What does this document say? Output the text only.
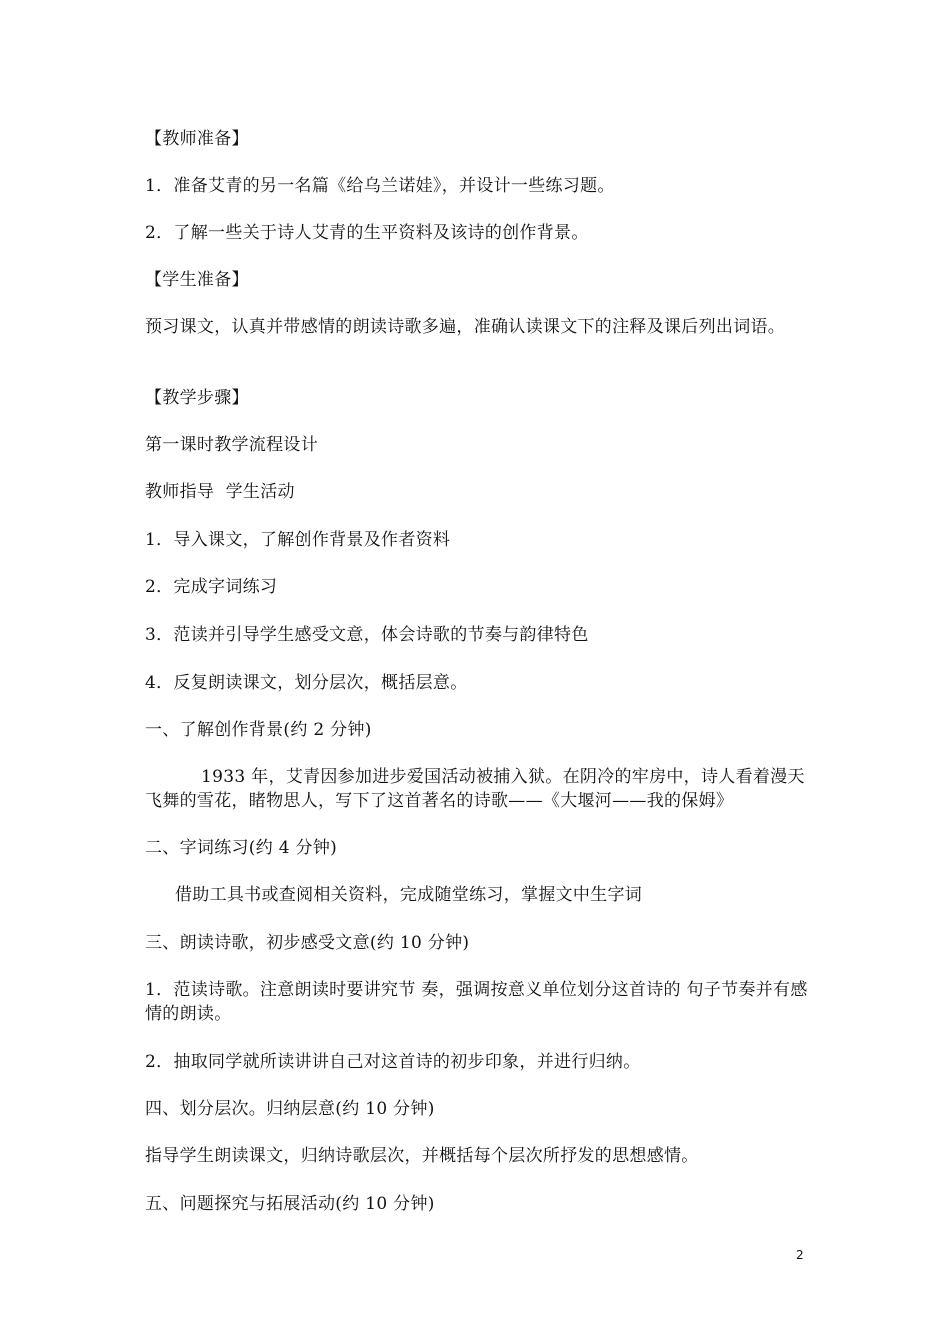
【教师准备】
1．准备艾青的另一名篇《给乌兰诺娃》，并设计一些练习题。
2．了解一些关于诗人艾青的生平资料及该诗的创作背景。
【学生准备】
预习课文，认真并带感情的朗读诗歌多遍，准确认读课文下的注释及课后列出词语。
【教学步骤】
第一课时教学流程设计
教师指导  学生活动
1．导入课文，了解创作背景及作者资料
2．完成字词练习
3．范读并引导学生感受文意，体会诗歌的节奏与韵律特色
4．反复朗读课文，划分层次，概括层意。
一、了解创作背景(约 2 分钟)
1933 年，艾青因参加进步爱国活动被捕入狱。在阴冷的牢房中，诗人看着漫天飞舞的雪花，睹物思人，写下了这首著名的诗歌——《大堰河——我的保姆》
二、字词练习(约 4 分钟)
借助工具书或查阅相关资料，完成随堂练习，掌握文中生字词
三、朗读诗歌，初步感受文意(约 10 分钟)
1．范读诗歌。注意朗读时要讲究节 奏，强调按意义单位划分这首诗的 句子节奏并有感情的朗读。
2．抽取同学就所读讲讲自己对这首诗的初步印象，并进行归纳。
四、划分层次。归纳层意(约 10 分钟)
指导学生朗读课文，归纳诗歌层次，并概括每个层次所抒发的思想感情。
五、问题探究与拓展活动(约 10 分钟)
2
